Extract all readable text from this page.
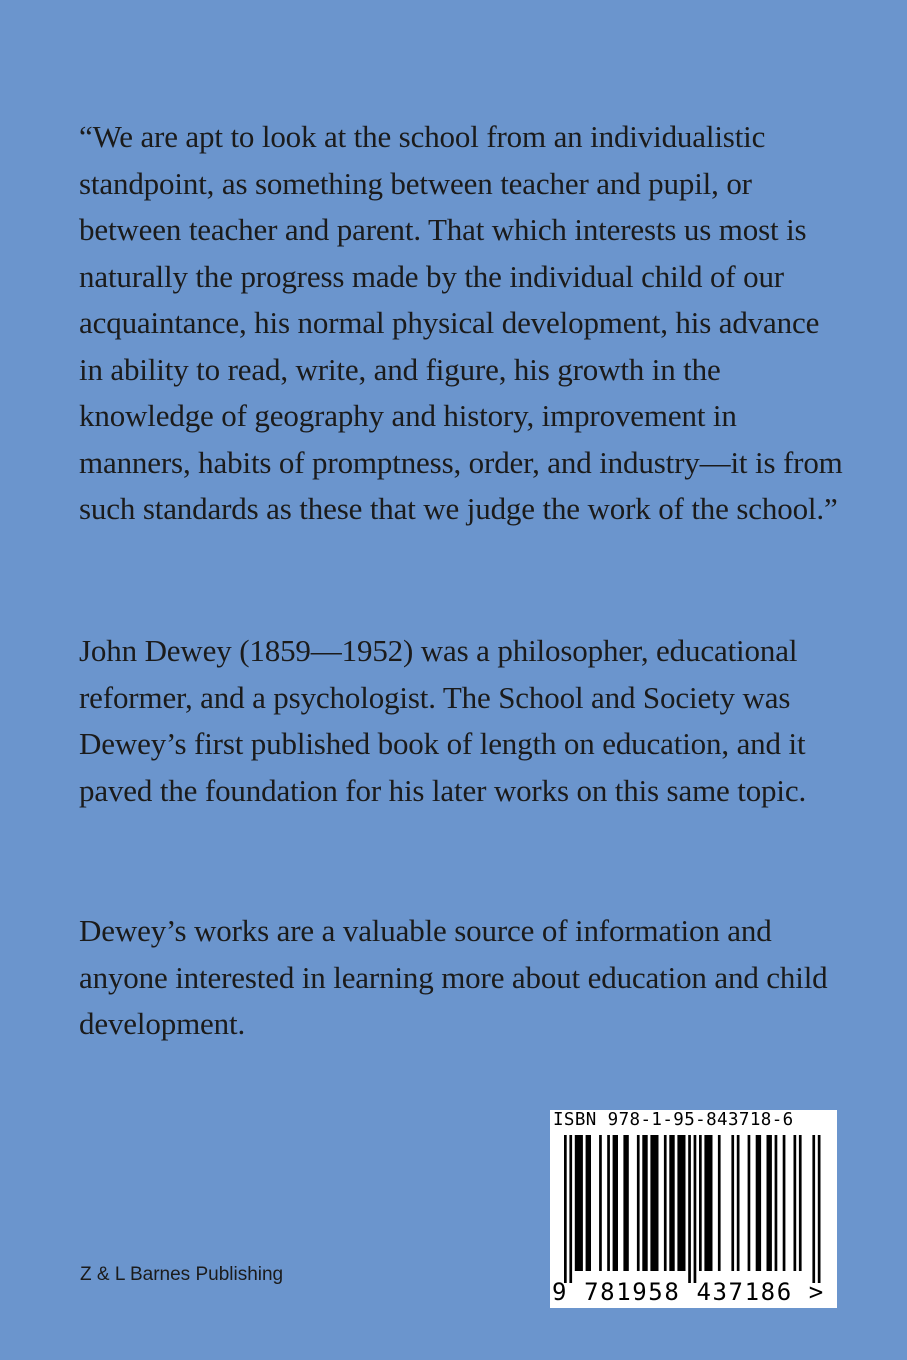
“We are apt to look at the school from an individualistic standpoint, as something between teacher and pupil, or between teacher and parent. That which interests us most is naturally the progress made by the individual child of our acquaintance, his normal physical development, his advance in ability to read, write, and figure, his growth in the knowledge of geography and history, improvement in manners, habits of promptness, order, and industry—it is from such standards as these that we judge the work of the school.”

John Dewey (1859—1952) was a philosopher, educational reformer, and a psychologist. The School and Society was Dewey’s first published book of length on education, and it paved the foundation for his later works on this same topic.

Dewey’s works are a valuable source of information and anyone interested in learning more about education and child development.

Z & L Barnes Publishing
ISBN 978-1-95-843718-6
9 781958 437186 >
